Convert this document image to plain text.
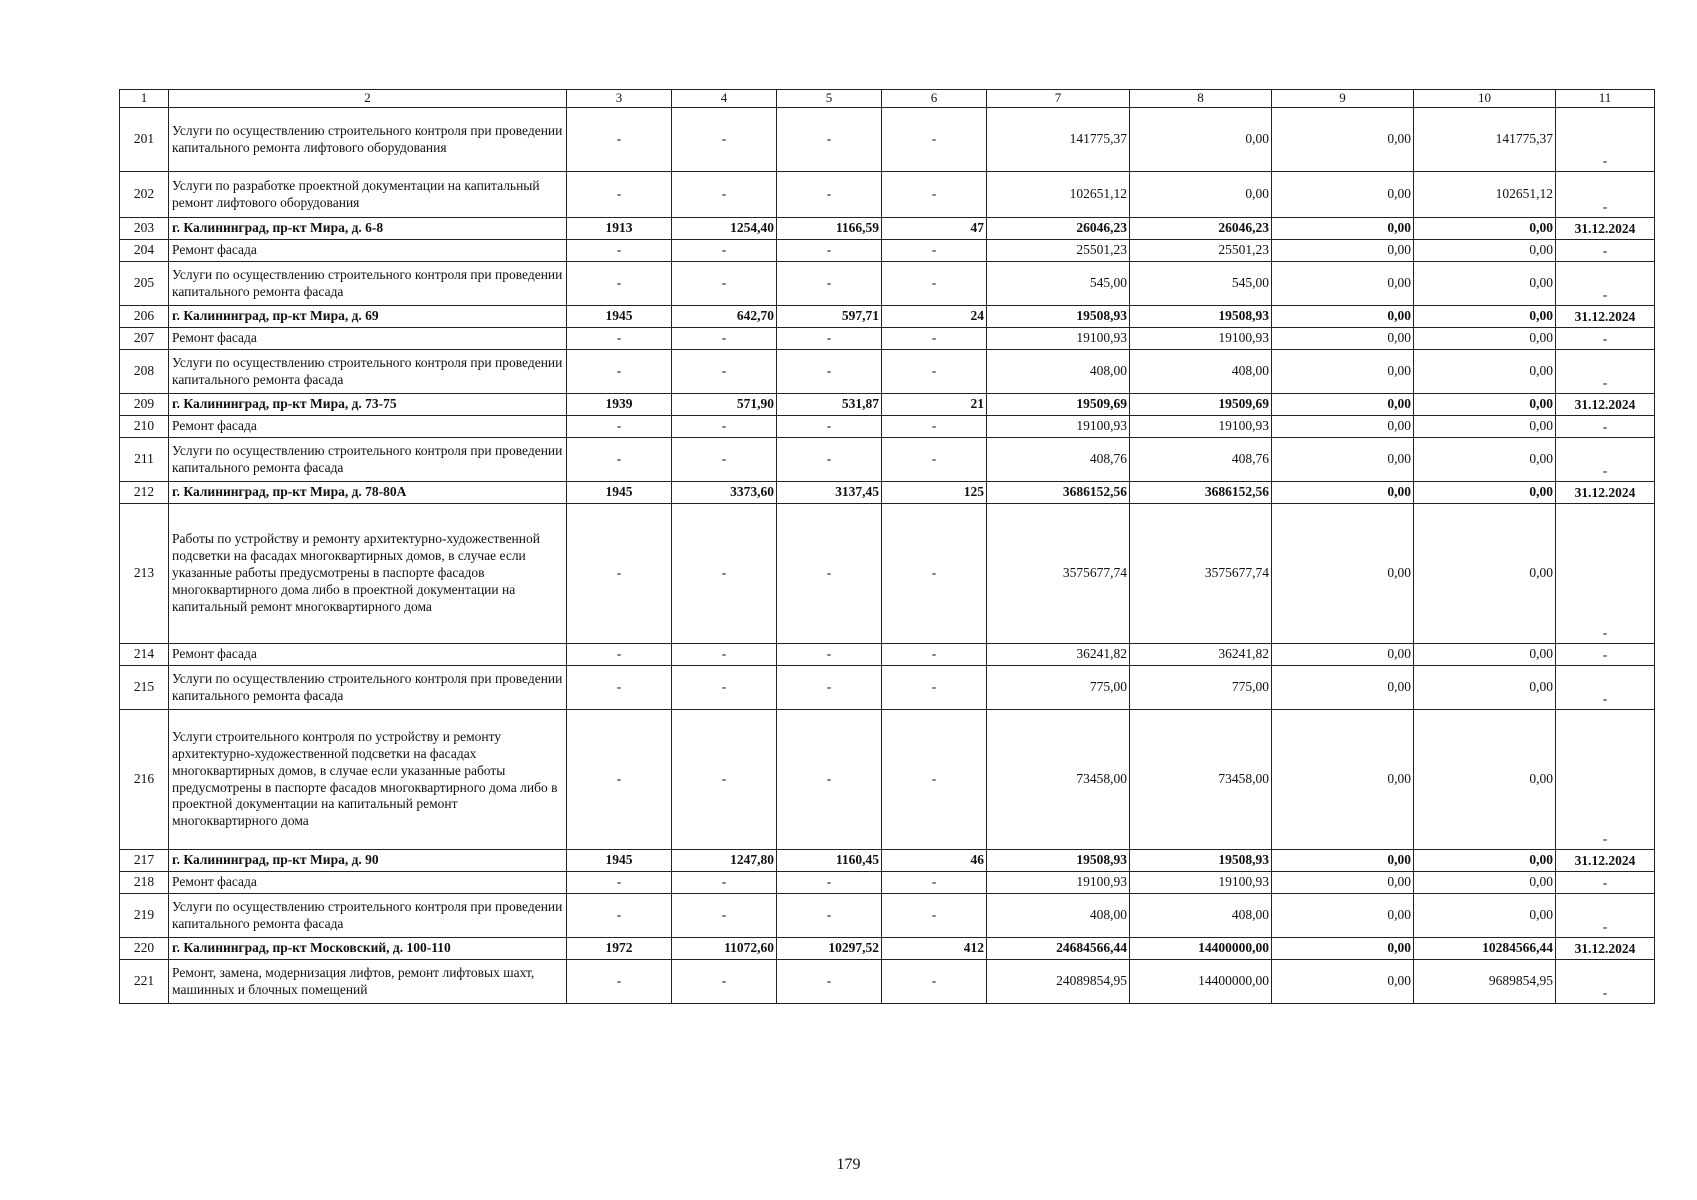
1	2	3	4	5	6	7	8	9	10	11
201	Услуги по осуществлению строительного контроля при проведении капитального ремонта лифтового оборудования	-	-	-	-	141775,37	0,00	0,00	141775,37	-
202	Услуги по разработке проектной документации на капитальный ремонт лифтового оборудования	-	-	-	-	102651,12	0,00	0,00	102651,12	-
203	г. Калининград, пр-кт Мира, д. 6-8	1913	1254,40	1166,59	47	26046,23	26046,23	0,00	0,00	31.12.2024
204	Ремонт фасада	-	-	-	-	25501,23	25501,23	0,00	0,00	-
205	Услуги по осуществлению строительного контроля при проведении капитального ремонта фасада	-	-	-	-	545,00	545,00	0,00	0,00	-
206	г. Калининград, пр-кт Мира, д. 69	1945	642,70	597,71	24	19508,93	19508,93	0,00	0,00	31.12.2024
207	Ремонт фасада	-	-	-	-	19100,93	19100,93	0,00	0,00	-
208	Услуги по осуществлению строительного контроля при проведении капитального ремонта фасада	-	-	-	-	408,00	408,00	0,00	0,00	-
209	г. Калининград, пр-кт Мира, д. 73-75	1939	571,90	531,87	21	19509,69	19509,69	0,00	0,00	31.12.2024
210	Ремонт фасада	-	-	-	-	19100,93	19100,93	0,00	0,00	-
211	Услуги по осуществлению строительного контроля при проведении капитального ремонта фасада	-	-	-	-	408,76	408,76	0,00	0,00	-
212	г. Калининград, пр-кт Мира, д. 78-80А	1945	3373,60	3137,45	125	3686152,56	3686152,56	0,00	0,00	31.12.2024
213	Работы по устройству и ремонту архитектурно-художественной подсветки на фасадах многоквартирных домов, в случае если указанные работы предусмотрены в паспорте фасадов многоквартирного дома либо в проектной документации на капитальный ремонт многоквартирного дома	-	-	-	-	3575677,74	3575677,74	0,00	0,00	-
214	Ремонт фасада	-	-	-	-	36241,82	36241,82	0,00	0,00	-
215	Услуги по осуществлению строительного контроля при проведении капитального ремонта фасада	-	-	-	-	775,00	775,00	0,00	0,00	-
216	Услуги строительного контроля по устройству и ремонту архитектурно-художественной подсветки на фасадах многоквартирных домов, в случае если указанные работы предусмотрены в паспорте фасадов многоквартирного дома либо в проектной документации на капитальный ремонт многоквартирного дома	-	-	-	-	73458,00	73458,00	0,00	0,00	-
217	г. Калининград, пр-кт Мира, д. 90	1945	1247,80	1160,45	46	19508,93	19508,93	0,00	0,00	31.12.2024
218	Ремонт фасада	-	-	-	-	19100,93	19100,93	0,00	0,00	-
219	Услуги по осуществлению строительного контроля при проведении капитального ремонта фасада	-	-	-	-	408,00	408,00	0,00	0,00	-
220	г. Калининград, пр-кт Московский, д. 100-110	1972	11072,60	10297,52	412	24684566,44	14400000,00	0,00	10284566,44	31.12.2024
221	Ремонт, замена, модернизация лифтов, ремонт лифтовых шахт, машинных и блочных помещений	-	-	-	-	24089854,95	14400000,00	0,00	9689854,95	-
179
